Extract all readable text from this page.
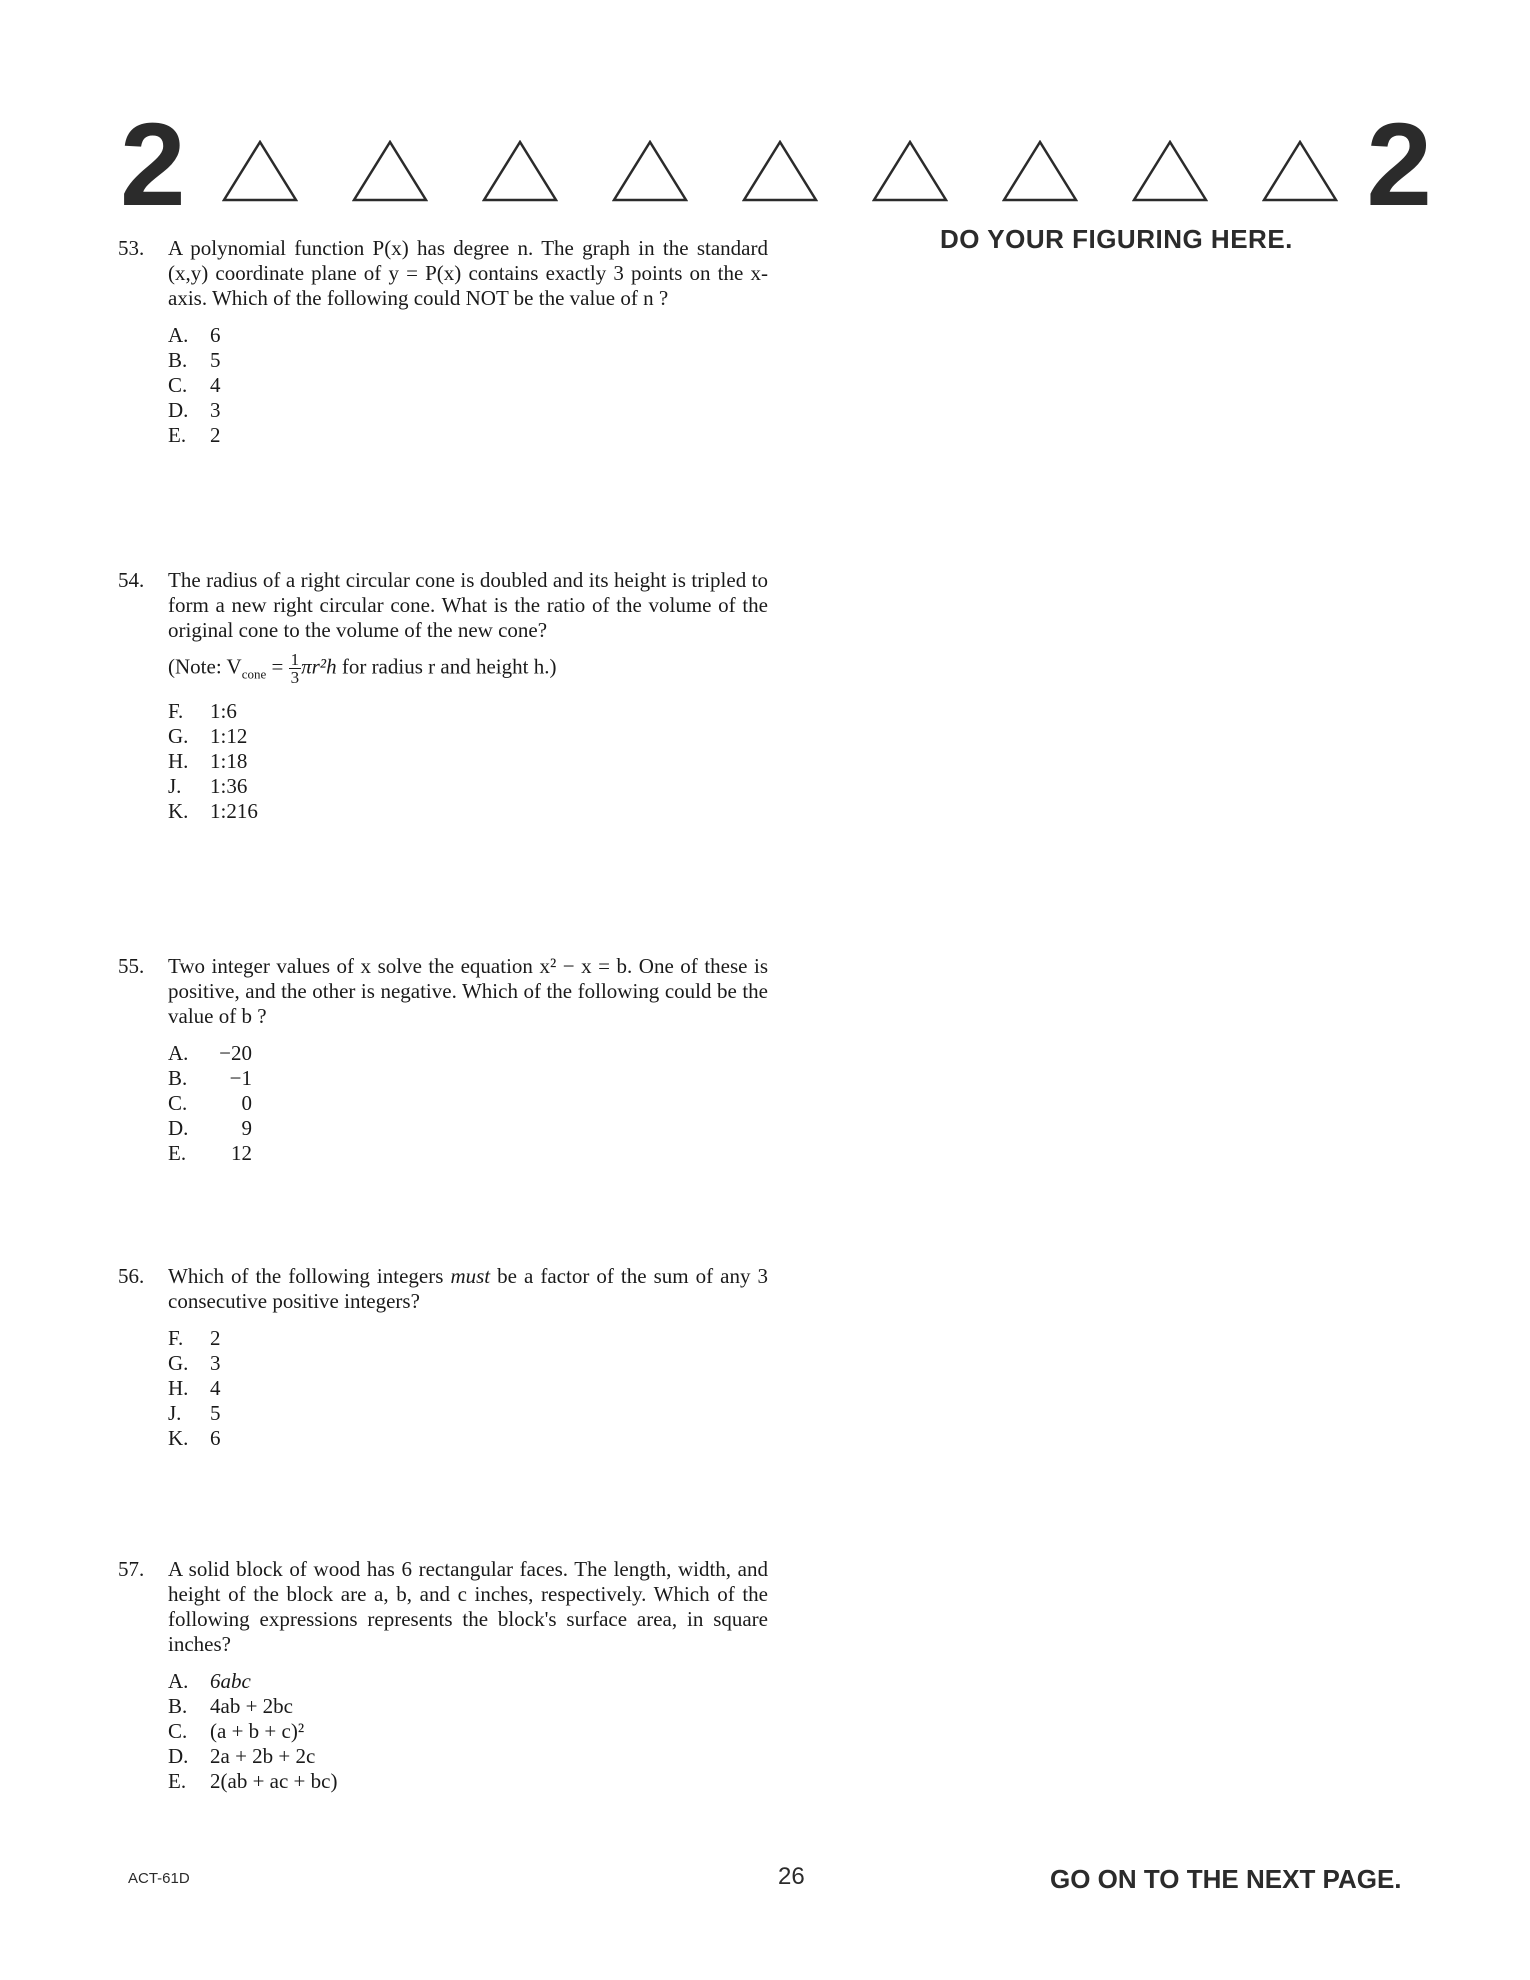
2	2
DO YOUR FIGURING HERE.
53.	A polynomial function P(x) has degree n. The graph in the standard (x,y) coordinate plane of y = P(x) contains exactly 3 points on the x-axis. Which of the following could NOT be the value of n ?
A.	6
B.	5
C.	4
D.	3
E.	2
54.	The radius of a right circular cone is doubled and its height is tripled to form a new right circular cone. What is the ratio of the volume of the original cone to the volume of the new cone?
(Note: $V_{cone} = \frac{1}{3} \pi r^2h$ for radius r and height h.)
F.	1:6
G.	1:12
H.	1:18
J.	1:36
K.	1:216
55.	Two integer values of x solve the equation x² − x = b. One of these is positive, and the other is negative. Which of the following could be the value of b ?
A.	−20
B.	−1
C.	0
D.	9
E.	12
56.	Which of the following integers must be a factor of the sum of any 3 consecutive positive integers?
F.	2
G.	3
H.	4
J.	5
K.	6
57.	A solid block of wood has 6 rectangular faces. The length, width, and height of the block are a, b, and c inches, respectively. Which of the following expressions represents the block's surface area, in square inches?
A.	6abc
B.	4ab + 2bc
C.	(a + b + c)²
D.	2a + 2b + 2c
E.	2(ab + ac + bc)
ACT-61D	26	GO ON TO THE NEXT PAGE.
